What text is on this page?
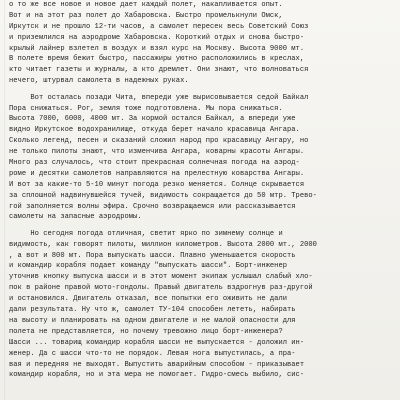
о то же все новое и новое дает каждый полет, накапливается опыт.
Вот и на этот раз полет до Хабаровска. Быстро промелькнули Омск,
Иркутск и не прошло 12-ти часов, а самолет пересек весь Советский Союз
и приземлился на аэродроме Хабаровска. Короткий отдых и снова быстро-
крылый лайнер взлетел в воздух и взял курс на Москву. Высота 9000 мт.
В полете время бежит быстро, пассажиры уютно расположились в креслах,
кто читает газеты и журналы, а кто дремлет. Они знают, что волноваться
нечего, штурвал самолета в надежных руках.
Вот осталась позади Чита, впереди уже вырисовывается седой Байкал
Пора снижаться. Рог, земля тоже подготовлена. Мы пора снижаться.
Высота 7000, 6000, 4000 мт. За кормой остался Байкал, а впереди уже
видно Иркутское водохранилище, откуда берет начало красавица Ангара.
Сколько легенд, песен и сказаний сложил народ про красавицу Ангару, но
не только пилоты знают, что изменчива Ангара, коварны красоты Ангары.
Много раз случалось, что стоит прекрасная солнечная погода на аэрод-
роме и десятки самолетов направляются на прелестную коварства Ангары.
И вот за какие-то 5-10 минут погода резко меняется. Солнце скрывается
за сплошной надвинувшейся тучей, видимость сокращается до 50 мтр. Трево-
гой заполняется волны эфира. Срочно возвращаемся или рассказывается
самолеты на запасные аэродромы.
Но сегодня погода отличная, светит ярко по зимнему солнце и
видимость, как говорят пилоты, миллион километров. Высота 2000 мт., 2000
, а вот и 800 мт. Пора выпускать шасси. Плавно уменьшается скорость
и командир корабля подает команду "выпускать шасси". Борт-инженер
уточнив кнопку выпуска шасси и в этот момент экипаж услышал слабый хло-
пок в районе правой мото-гондолы. Правый двигатель вздрогнув раз-другой
и остановился. Двигатель отказал, все попытки его оживить не дали
дали результата. Ну что ж, самолет ТУ-104 способен лететь, набирать
на высоту и планировать на одном двигателе и не малой опасности для
полета не представляется, но почему тревожно лицо борт-инженера?
Шасси ... товарищ командир корабля шасси не выпускается - доложил ин-
женер. Да с шасси что-то не порядок. Левая нога выпустилась, а пра-
вая и передняя не выходят. Выпустить аварийным способом - приказывает
командир корабля, но и эта мера не помогает. Гидро-смесь выбило, сис-
